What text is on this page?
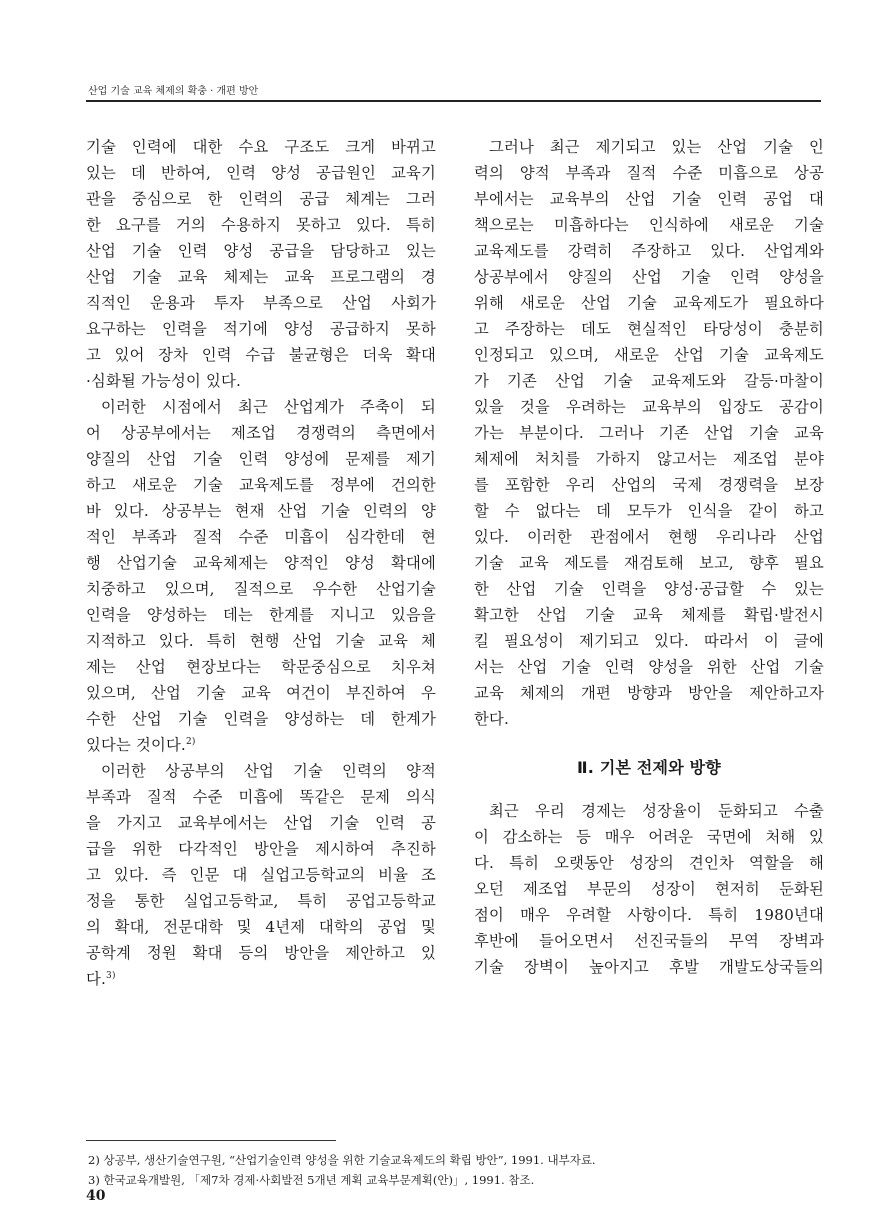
산업 기술 교육 체제의 확충 · 개편 방안
기술 인력에 대한 수요 구조도 크게 바뀌고
있는 데 반하여, 인력 양성 공급원인 교육기
관을 중심으로 한 인력의 공급 체계는 그러
한 요구를 거의 수용하지 못하고 있다. 특히
산업 기술 인력 양성 공급을 담당하고 있는
산업 기술 교육 체제는 교육 프로그램의 경
직적인 운용과 투자 부족으로 산업 사회가
요구하는 인력을 적기에 양성 공급하지 못하
고 있어 장차 인력 수급 불균형은 더욱 확대
·심화될 가능성이 있다.
이러한 시점에서 최근 산업계가 주축이 되
어 상공부에서는 제조업 경쟁력의 측면에서
양질의 산업 기술 인력 양성에 문제를 제기
하고 새로운 기술 교육제도를 정부에 건의한
바 있다. 상공부는 현재 산업 기술 인력의 양
적인 부족과 질적 수준 미흡이 심각한데 현
행 산업기술 교육체제는 양적인 양성 확대에
치중하고 있으며, 질적으로 우수한 산업기술
인력을 양성하는 데는 한계를 지니고 있음을
지적하고 있다. 특히 현행 산업 기술 교육 체
제는 산업 현장보다는 학문중심으로 치우쳐
있으며, 산업 기술 교육 여건이 부진하여 우
수한 산업 기술 인력을 양성하는 데 한계가
있다는 것이다.$^{2)}$
이러한 상공부의 산업 기술 인력의 양적
부족과 질적 수준 미흡에 똑같은 문제 의식
을 가지고 교육부에서는 산업 기술 인력 공
급을 위한 다각적인 방안을 제시하여 추진하
고 있다. 즉 인문 대 실업고등학교의 비율 조
정을 통한 실업고등학교, 특히 공업고등학교
의 확대, 전문대학 및 4년제 대학의 공업 및
공학계 정원 확대 등의 방안을 제안하고 있
다.$^{3)}$
그러나 최근 제기되고 있는 산업 기술 인
력의 양적 부족과 질적 수준 미흡으로 상공
부에서는 교육부의 산업 기술 인력 공업 대
책으로는 미흡하다는 인식하에 새로운 기술
교육제도를 강력히 주장하고 있다. 산업계와
상공부에서 양질의 산업 기술 인력 양성을
위해 새로운 산업 기술 교육제도가 필요하다
고 주장하는 데도 현실적인 타당성이 충분히
인정되고 있으며, 새로운 산업 기술 교육제도
가 기존 산업 기술 교육제도와 갈등·마찰이
있을 것을 우려하는 교육부의 입장도 공감이
가는 부분이다. 그러나 기존 산업 기술 교육
체제에 처치를 가하지 않고서는 제조업 분야
를 포함한 우리 산업의 국제 경쟁력을 보장
할 수 없다는 데 모두가 인식을 같이 하고
있다. 이러한 관점에서 현행 우리나라 산업
기술 교육 제도를 재검토해 보고, 향후 필요
한 산업 기술 인력을 양성·공급할 수 있는
확고한 산업 기술 교육 체제를 확립·발전시
킬 필요성이 제기되고 있다. 따라서 이 글에
서는 산업 기술 인력 양성을 위한 산업 기술
교육 체제의 개편 방향과 방안을 제안하고자
한다.
Ⅱ. 기본 전제와 방향
최근 우리 경제는 성장율이 둔화되고 수출
이 감소하는 등 매우 어려운 국면에 처해 있
다. 특히 오랫동안 성장의 견인차 역할을 해
오던 제조업 부문의 성장이 현저히 둔화된
점이 매우 우려할 사항이다. 특히 1980년대
후반에 들어오면서 선진국들의 무역 장벽과
기술 장벽이 높아지고 후발 개발도상국들의
2) 상공부, 생산기술연구원, “산업기술인력 양성을 위한 기술교육제도의 확립 방안”, 1991. 내부자료.
3) 한국교육개발원, 「제7차 경제·사회발전 5개년 계획 교육부문계획(안)」, 1991. 참조.
40
